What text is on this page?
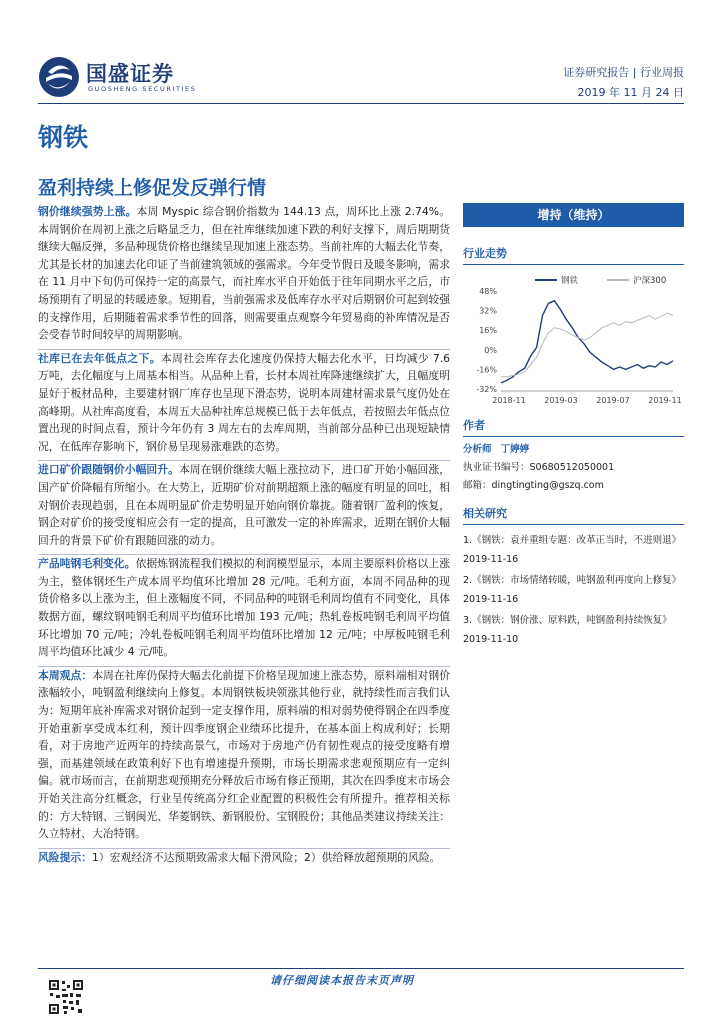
国盛证券
GUOSHENG SECURITIES
证券研究报告 | 行业周报
2019 年 11 月 24 日
钢铁
盈利持续上修促发反弹行情

钢价继续强势上涨。本周 Myspic 综合钢价指数为 144.13 点，周环比上涨 2.74%。本周钢价在周初上涨之后略显乏力，但在社库继续加速下跌的利好支撑下，周后期期货继续大幅反弹，多品种现货价格也继续呈现加速上涨态势。当前社库的大幅去化节奏，尤其是长材的加速去化印证了当前建筑领域的强需求。今年受节假日及暖冬影响，需求在 11 月中下旬仍可保持一定的高景气，而社库水平自开始低于往年同期水平之后，市场预期有了明显的转暖迹象。短期看，当前强需求及低库存水平对后期钢价可起到较强的支撑作用，后期随着需求季节性的回落，则需要重点观察今年贸易商的补库情况是否会受春节时间较早的周期影响。

社库已在去年低点之下。本周社会库存去化速度仍保持大幅去化水平，日均减少 7.6 万吨，去化幅度与上周基本相当。从品种上看，长材本周社库降速继续扩大，且幅度明显好于板材品种，主要建材钢厂库存也呈现下滑态势，说明本周建材需求景气度仍处在高峰期。从社库高度看，本周五大品种社库总规模已低于去年低点，若按照去年低点位置出现的时间点看，预计今年仍有 3 周左右的去库周期，当前部分品种已出现短缺情况，在低库存影响下，钢价易呈现易涨难跌的态势。

进口矿价跟随钢价小幅回升。本周在钢价继续大幅上涨拉动下，进口矿开始小幅回涨，国产矿价降幅有所缩小。在大势上，近期矿价对前期超额上涨的幅度有明显的回吐，相对钢价表现趋弱，且在本周明显矿价走势明显开始向钢价靠拢。随着钢厂盈利的恢复，钢企对矿价的接受度相应会有一定的提高，且可激发一定的补库需求，近期在钢价大幅回升的背景下矿价有跟随回涨的动力。

产品吨钢毛利变化。依据炼钢流程我们模拟的利润模型显示，本周主要原料价格以上涨为主，整体钢坯生产成本周平均值环比增加 28 元/吨。毛利方面，本周不同品种的现货价格多以上涨为主，但上涨幅度不同，不同品种的吨钢毛利周均值有不同变化，具体数据方面，螺纹钢吨钢毛利周平均值环比增加 193 元/吨；热轧卷板吨钢毛利周平均值环比增加 70 元/吨；冷轧卷板吨钢毛利周平均值环比增加 12 元/吨；中厚板吨钢毛利周平均值环比减少 4 元/吨。

本周观点：本周在社库仍保持大幅去化前提下价格呈现加速上涨态势，原料端相对钢价涨幅较小，吨钢盈利继续向上修复。本周钢铁板块领涨其他行业，就持续性而言我们认为：短期年底补库需求对钢价起到一定支撑作用，原料端的相对弱势使得钢企在四季度开始重新享受成本红利，预计四季度钢企业绩环比提升，在基本面上构成利好；长期看，对于房地产近两年的持续高景气，市场对于房地产仍有韧性观点的接受度略有增强，而基建领域在政策利好下也有增速提升预期，市场长期需求悲观预期应有一定纠偏。就市场而言，在前期悲观预期充分释放后市场有修正预期，其次在四季度末市场会开始关注高分红概念，行业呈传统高分红企业配置的积极性会有所提升。推荐相关标的：方大特钢、三钢闽光、华菱钢铁、新钢股份、宝钢股份；其他品类建议持续关注：久立特材、大冶特钢。

风险提示：1）宏观经济不达预期致需求大幅下滑风险；2）供给释放超预期的风险。

增持（维持）
行业走势
48%
32%
16%
0%
-16%
-32%
2018-11 2019-03 2019-07 2019-11
钢铁	沪深300
作者
分析师 丁婷婷
执业证书编号：S0680512050001
邮箱：dingtingting@gszq.com
相关研究
1.《钢铁：袁并重组专题：改革正当时，不进则退》
2019-11-16
2.《钢铁：市场情绪转暖，吨钢盈利再度向上修复》
2019-11-16
3.《钢铁：钢价涨、原料跌，吨钢盈利持续恢复》
2019-11-10
请仔细阅读本报告末页声明
